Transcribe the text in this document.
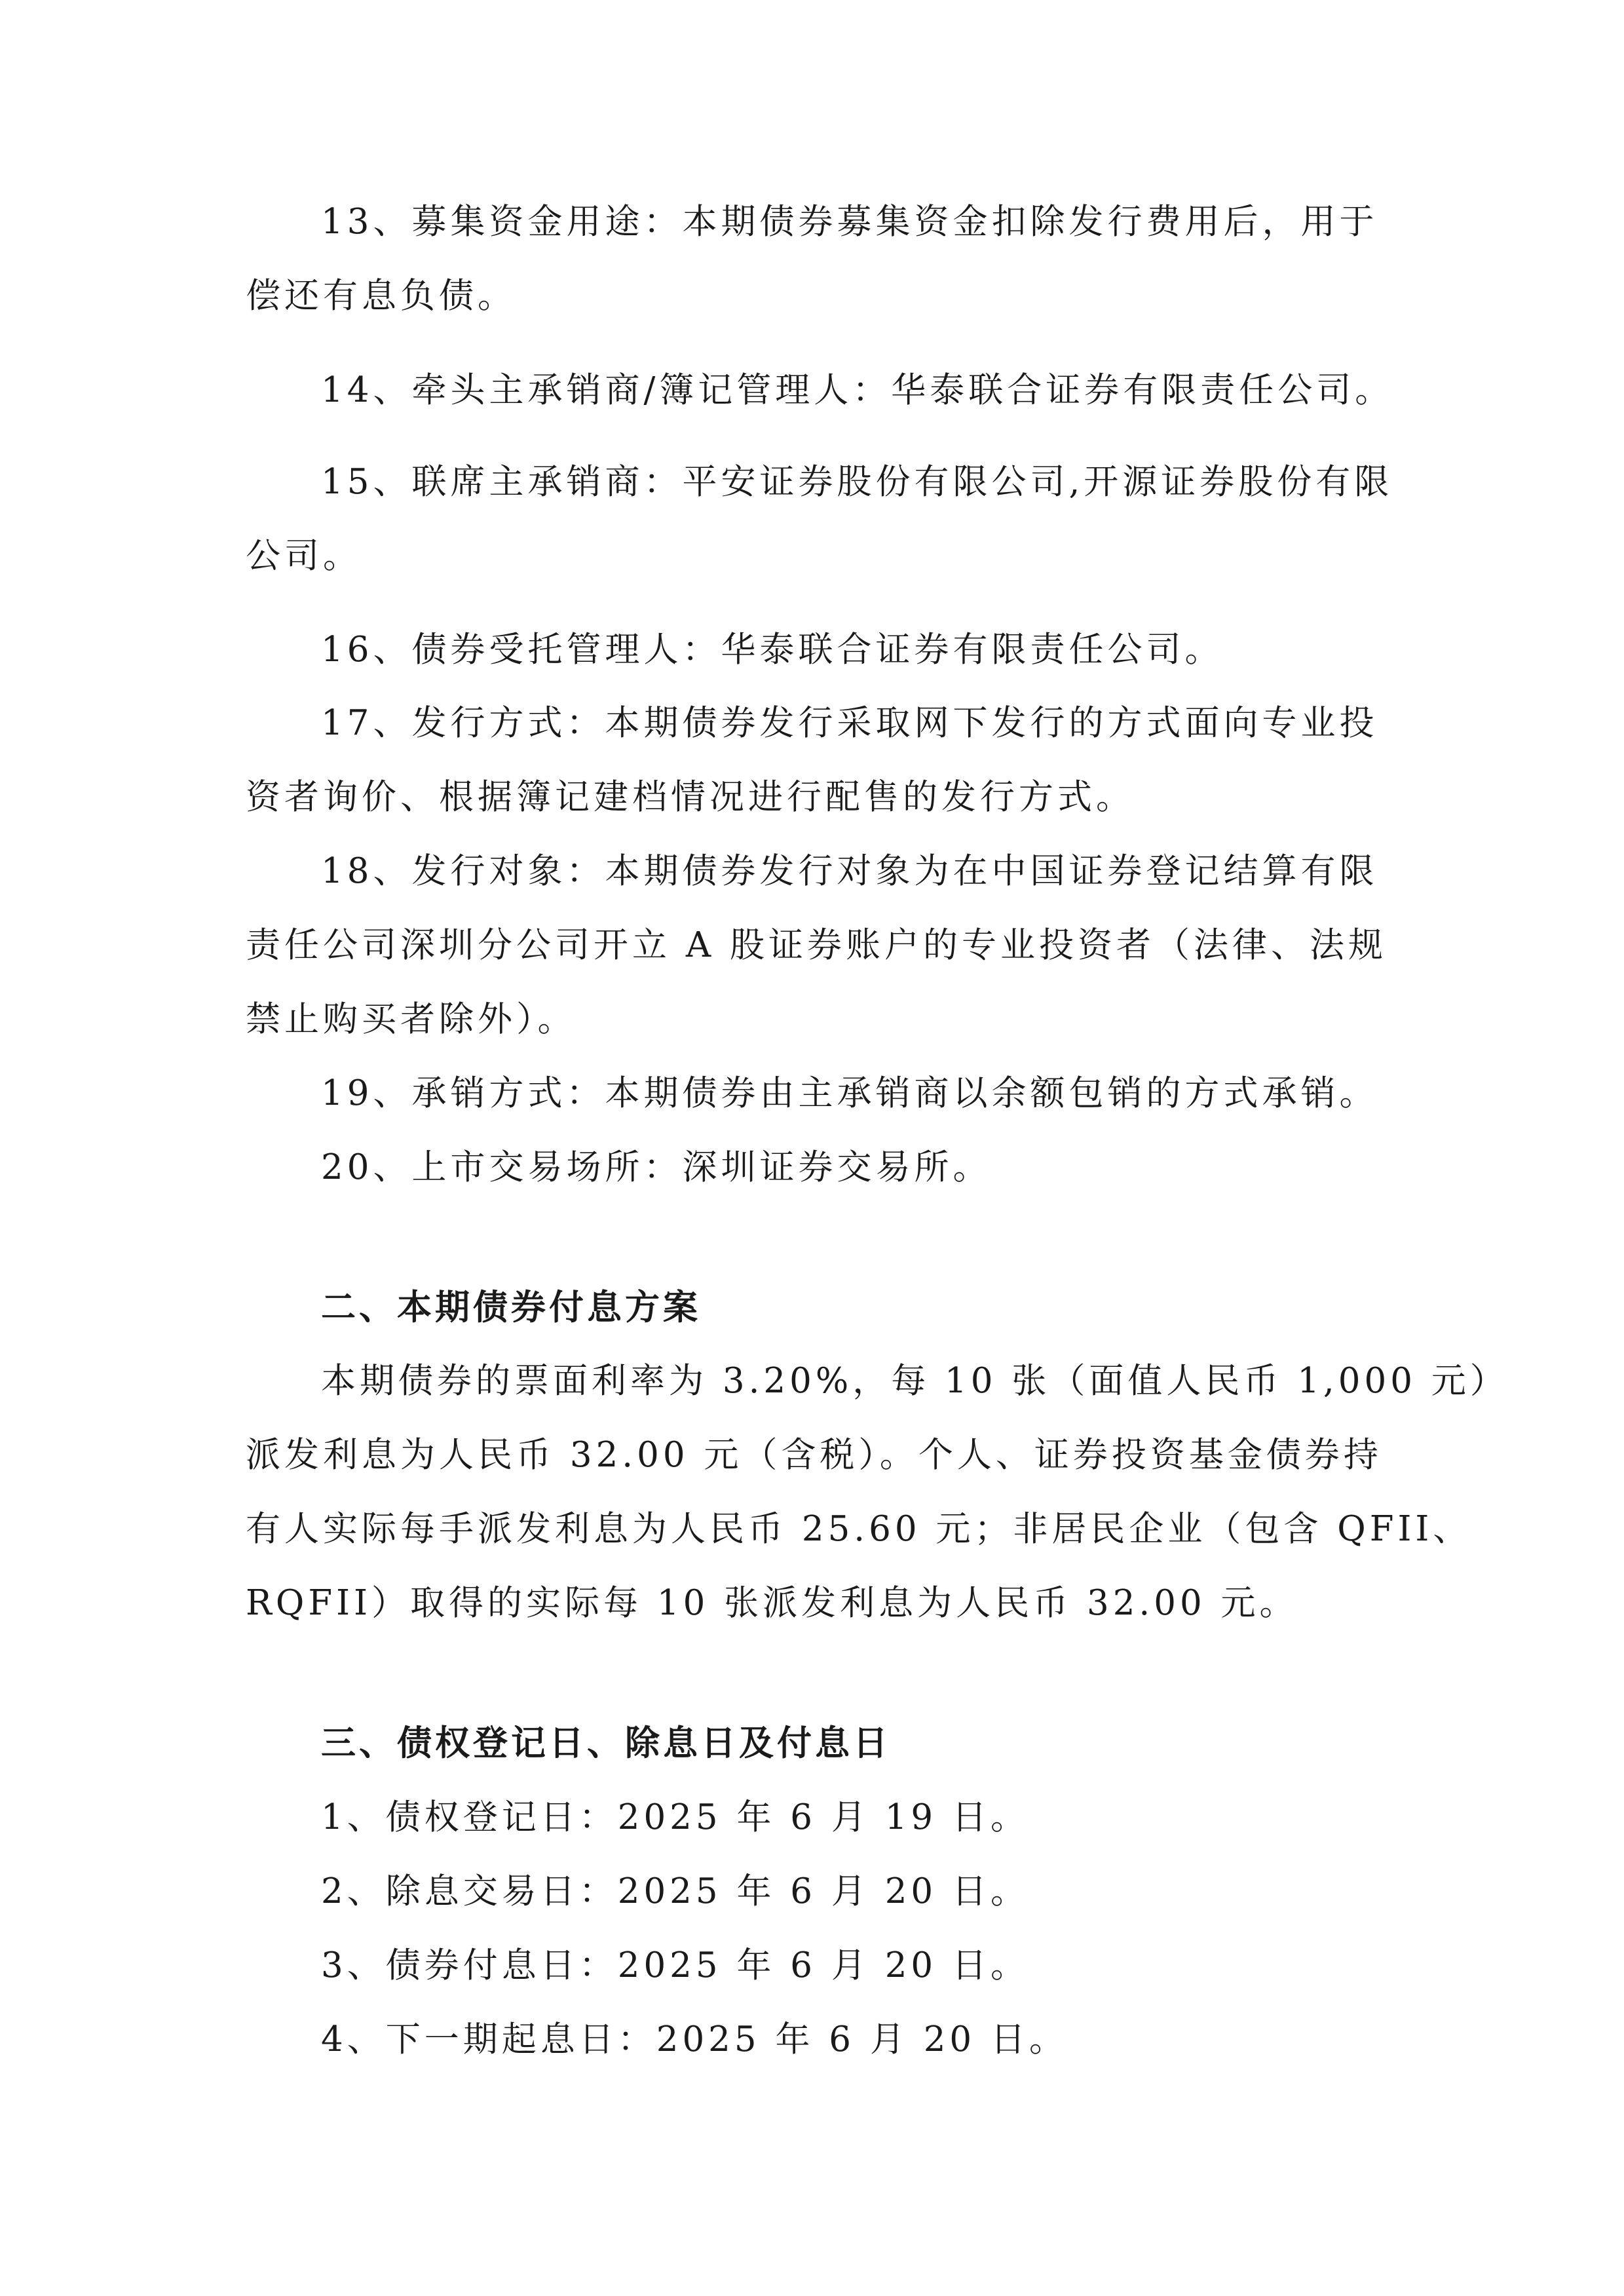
13、募集资金用途：本期债券募集资金扣除发行费用后，用于

偿还有息负债。

14、牵头主承销商/簿记管理人：华泰联合证券有限责任公司。

15、联席主承销商：平安证券股份有限公司,开源证券股份有限

公司。

16、债券受托管理人：华泰联合证券有限责任公司。

17、发行方式：本期债券发行采取网下发行的方式面向专业投

资者询价、根据簿记建档情况进行配售的发行方式。

18、发行对象：本期债券发行对象为在中国证券登记结算有限

责任公司深圳分公司开立 A 股证券账户的专业投资者（法律、法规

禁止购买者除外）。

19、承销方式：本期债券由主承销商以余额包销的方式承销。

20、上市交易场所：深圳证券交易所。

二、本期债券付息方案

本期债券的票面利率为 3.20%，每 10 张（面值人民币 1,000 元）

派发利息为人民币 32.00 元（含税）。个人、证券投资基金债券持

有人实际每手派发利息为人民币 25.60 元；非居民企业（包含 QFII、

RQFII）取得的实际每 10 张派发利息为人民币 32.00 元。

三、债权登记日、除息日及付息日

1、债权登记日：2025 年 6 月 19 日。

2、除息交易日：2025 年 6 月 20 日。

3、债券付息日：2025 年 6 月 20 日。

4、下一期起息日：2025 年 6 月 20 日。
